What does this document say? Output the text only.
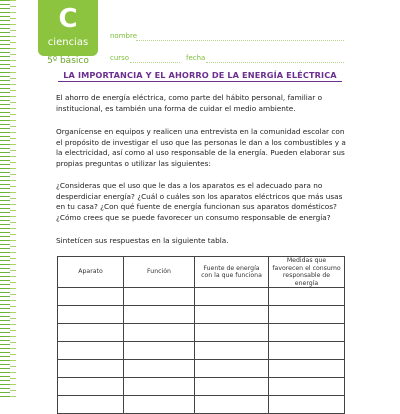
C
ciencias
5º básico
nombre
curso	fecha
LA IMPORTANCIA Y EL AHORRO DE LA ENERGÍA ELÉCTRICA

El ahorro de energía eléctrica, como parte del hábito personal, familiar o institucional, es también una forma de cuidar el medio ambiente.

Organícense en equipos y realicen una entrevista en la comunidad escolar con el propósito de investigar el uso que las personas le dan a los combustibles y a la electricidad, así como al uso responsable de la energía. Pueden elaborar sus propias preguntas o utilizar las siguientes:

¿Consideras que el uso que le das a los aparatos es el adecuado para no desperdiciar energía? ¿Cuál o cuáles son los aparatos eléctricos que más usas en tu casa? ¿Con qué fuente de energía funcionan sus aparatos domésticos? ¿Cómo crees que se puede favorecer un consumo responsable de energía?

Sintetícen sus respuestas en la siguiente tabla.

Aparato	Función	Fuente de energía con la que funciona	Medidas que favorecen el consumo responsable de energía
